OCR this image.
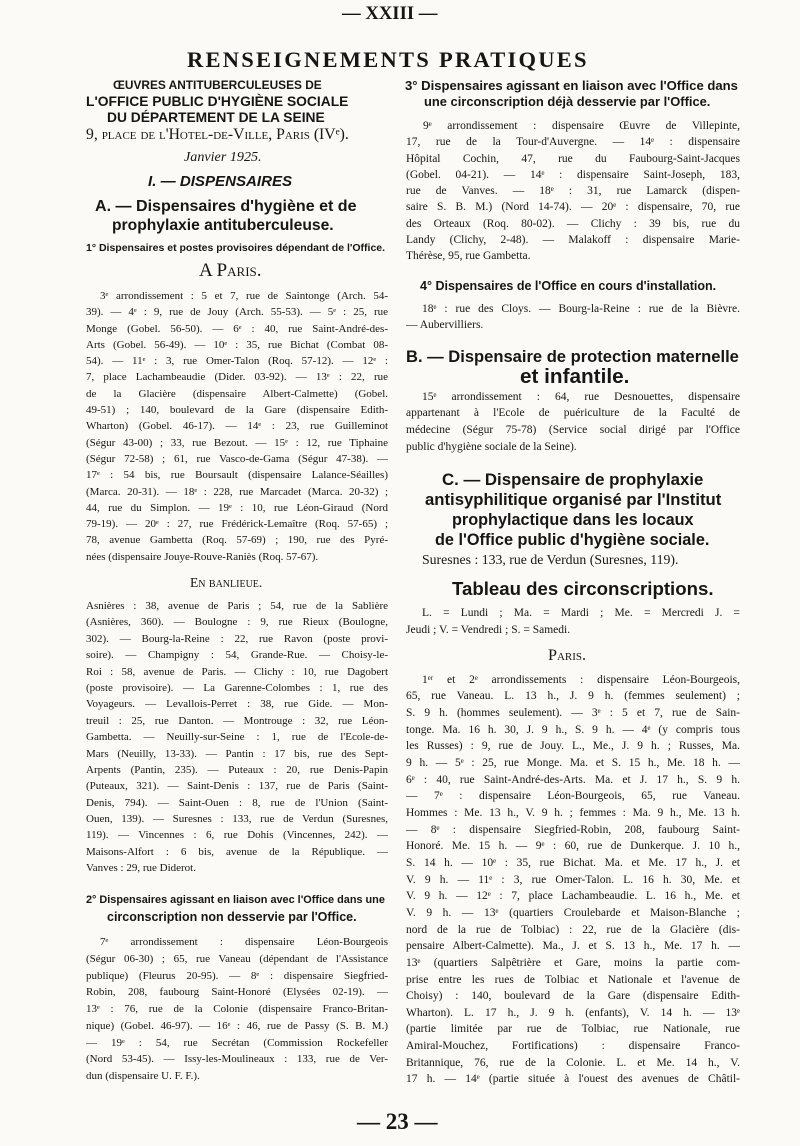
— XXIII —
RENSEIGNEMENTS PRATIQUES
ŒUVRES ANTITUBERCULEUSES DE
L'OFFICE PUBLIC D'HYGIÈNE SOCIALE
DU DÉPARTEMENT DE LA SEINE
9, place de l'Hotel-de-Ville, Paris (IVᵉ).
Janvier 1925.
I. — DISPENSAIRES
A. — Dispensaires d'hygiène et de
prophylaxie antituberculeuse.
1° Dispensaires et postes provisoires dépendant de l'Office.
A Paris.
3ᵉ arrondissement : 5 et 7, rue de Saintonge (Arch. 54-
39). — 4ᵉ : 9, rue de Jouy (Arch. 55-53). — 5ᵉ : 25, rue
Monge (Gobel. 56-50). — 6ᵉ : 40, rue Saint-André-des-
Arts (Gobel. 56-49). — 10ᵉ : 35, rue Bichat (Combat 08-
54). — 11ᵉ : 3, rue Omer-Talon (Roq. 57-12). — 12ᵉ :
7, place Lachambeaudie (Dider. 03-92). — 13ᵉ : 22, rue
de la Glacière (dispensaire Albert-Calmette) (Gobel.
49-51) ; 140, boulevard de la Gare (dispensaire Edith-
Wharton) (Gobel. 46-17). — 14ᵉ : 23, rue Guilleminot
(Ségur 43-00) ; 33, rue Bezout. — 15ᵉ : 12, rue Tiphaine
(Ségur 72-58) ; 61, rue Vasco-de-Gama (Ségur 47-38). —
17ᵉ : 54 bis, rue Boursault (dispensaire Lalance-Séailles)
(Marca. 20-31). — 18ᵉ : 228, rue Marcadet (Marca. 20-32) ;
44, rue du Simplon. — 19ᵉ : 10, rue Léon-Giraud (Nord
79-19). — 20ᵉ : 27, rue Frédérick-Lemaître (Roq. 57-65) ;
78, avenue Gambetta (Roq. 57-69) ; 190, rue des Pyré-
nées (dispensaire Jouye-Rouve-Raniès (Roq. 57-67).
En banlieue.
Asnières : 38, avenue de Paris ; 54, rue de la Sablière
(Asnières, 360). — Boulogne : 9, rue Rieux (Boulogne,
302). — Bourg-la-Reine : 22, rue Ravon (poste provi-
soire). — Champigny : 54, Grande-Rue. — Choisy-le-
Roi : 58, avenue de Paris. — Clichy : 10, rue Dagobert
(poste provisoire). — La Garenne-Colombes : 1, rue des
Voyageurs. — Levallois-Perret : 38, rue Gide. — Mon-
treuil : 25, rue Danton. — Montrouge : 32, rue Léon-
Gambetta. — Neuilly-sur-Seine : 1, rue de l'Ecole-de-
Mars (Neuilly, 13-33). — Pantin : 17 bis, rue des Sept-
Arpents (Pantin, 235). — Puteaux : 20, rue Denis-Papin
(Puteaux, 321). — Saint-Denis : 137, rue de Paris (Saint-
Denis, 794). — Saint-Ouen : 8, rue de l'Union (Saint-
Ouen, 139). — Suresnes : 133, rue de Verdun (Suresnes,
119). — Vincennes : 6, rue Dohis (Vincennes, 242). —
Maisons-Alfort : 6 bis, avenue de la République. —
Vanves : 29, rue Diderot.
2° Dispensaires agissant en liaison avec l'Office dans une
circonscription non desservie par l'Office.
7ᵉ arrondissement : dispensaire Léon-Bourgeois
(Ségur 06-30) ; 65, rue Vaneau (dépendant de l'Assistance
publique) (Fleurus 20-95). — 8ᵉ : dispensaire Siegfried-
Robin, 208, faubourg Saint-Honoré (Elysées 02-19). —
13ᵉ : 76, rue de la Colonie (dispensaire Franco-Britan-
nique) (Gobel. 46-97). — 16ᵉ : 46, rue de Passy (S. B. M.)
— 19ᵉ : 54, rue Secrétan (Commission Rockefeller
(Nord 53-45). — Issy-les-Moulineaux : 133, rue de Ver-
dun (dispensaire U. F. F.).
3° Dispensaires agissant en liaison avec l'Office dans
une circonscription déjà desservie par l'Office.
9ᵉ arrondissement : dispensaire Œuvre de Villepinte,
17, rue de la Tour-d'Auvergne. — 14ᵉ : dispensaire
Hôpital Cochin, 47, rue du Faubourg-Saint-Jacques
(Gobel. 04-21). — 14ᵉ : dispensaire Saint-Joseph, 183,
rue de Vanves. — 18ᵉ : 31, rue Lamarck (dispen-
saire S. B. M.) (Nord 14-74). — 20ᵉ : dispensaire, 70, rue
des Orteaux (Roq. 80-02). — Clichy : 39 bis, rue du
Landy (Clichy, 2-48). — Malakoff : dispensaire Marie-
Thérèse, 95, rue Gambetta.
4° Dispensaires de l'Office en cours d'installation.
18ᵉ : rue des Cloys. — Bourg-la-Reine : rue de la Bièvre.
— Aubervilliers.
B. — Dispensaire de protection maternelle
et infantile.
15ᵉ arrondissement : 64, rue Desnouettes, dispensaire
appartenant à l'Ecole de puériculture de la Faculté de
médecine (Ségur 75-78) (Service social dirigé par l'Office
public d'hygiène sociale de la Seine).
C. — Dispensaire de prophylaxie
antisyphilitique organisé par l'Institut
prophylactique dans les locaux
de l'Office public d'hygiène sociale.
Suresnes : 133, rue de Verdun (Suresnes, 119).
Tableau des circonscriptions.
L. = Lundi ; Ma. = Mardi ; Me. = Mercredi J. =
Jeudi ; V. = Vendredi ; S. = Samedi.
Paris.
1ᵉʳ et 2ᵉ arrondissements : dispensaire Léon-Bourgeois,
65, rue Vaneau. L. 13 h., J. 9 h. (femmes seulement) ;
S. 9 h. (hommes seulement). — 3ᵉ : 5 et 7, rue de Sain-
tonge. Ma. 16 h. 30, J. 9 h., S. 9 h. — 4ᵉ (y compris tous
les Russes) : 9, rue de Jouy. L., Me., J. 9 h. ; Russes, Ma.
9 h. — 5ᵉ : 25, rue Monge. Ma. et S. 15 h., Me. 18 h. —
6ᵉ : 40, rue Saint-André-des-Arts. Ma. et J. 17 h., S. 9 h.
— 7ᵉ : dispensaire Léon-Bourgeois, 65, rue Vaneau.
Hommes : Me. 13 h., V. 9 h. ; femmes : Ma. 9 h., Me. 13 h.
— 8ᵉ : dispensaire Siegfried-Robin, 208, faubourg Saint-
Honoré. Me. 15 h. — 9ᵉ : 60, rue de Dunkerque. J. 10 h.,
S. 14 h. — 10ᵉ : 35, rue Bichat. Ma. et Me. 17 h., J. et
V. 9 h. — 11ᵉ : 3, rue Omer-Talon. L. 16 h. 30, Me. et
V. 9 h. — 12ᵉ : 7, place Lachambeaudie. L. 16 h., Me. et
V. 9 h. — 13ᵉ (quartiers Croulebarde et Maison-Blanche ;
nord de la rue de Tolbiac) : 22, rue de la Glacière (dis-
pensaire Albert-Calmette). Ma., J. et S. 13 h., Me. 17 h. —
13ᵉ (quartiers Salpêtrière et Gare, moins la partie com-
prise entre les rues de Tolbiac et Nationale et l'avenue de
Choisy) : 140, boulevard de la Gare (dispensaire Edith-
Wharton). L. 17 h., J. 9 h. (enfants), V. 14 h. — 13ᵉ
(partie limitée par rue de Tolbiac, rue Nationale, rue
Amiral-Mouchez, Fortifications) : dispensaire Franco-
Britannique, 76, rue de la Colonie. L. et Me. 14 h., V.
17 h. — 14ᵉ (partie située à l'ouest des avenues de Châtil-
— 23 —
